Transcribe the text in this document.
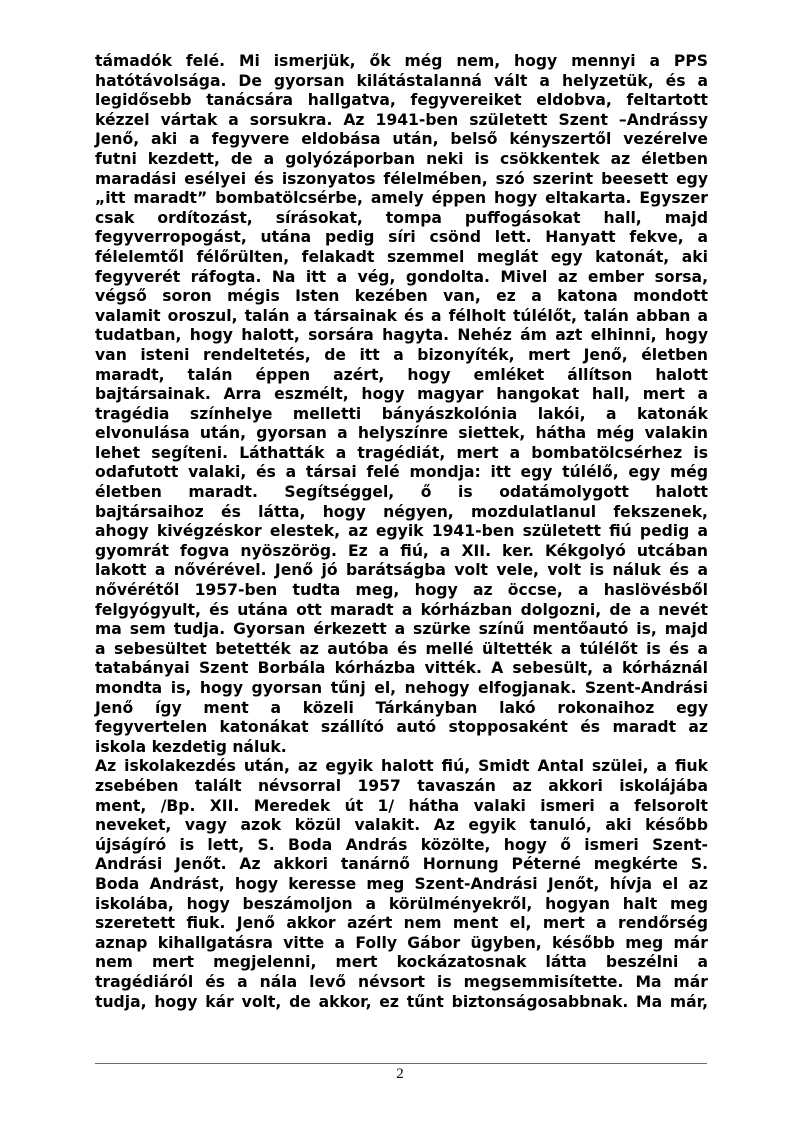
támadók felé. Mi ismerjük, ők még nem, hogy mennyi a PPS
hatótávolsága. De gyorsan kilátástalanná vált a helyzetük, és a
legidősebb tanácsára hallgatva, fegyvereiket eldobva, feltartott
kézzel vártak a sorsukra. Az 1941-ben született Szent –Andrássy
Jenő, aki a fegyvere eldobása után, belső kényszertől vezérelve
futni kezdett, de a golyózáporban neki is csökkentek az életben
maradási esélyei és iszonyatos félelmében, szó szerint beesett egy
„itt maradt” bombatölcsérbe, amely éppen hogy eltakarta. Egyszer
csak ordítozást, sírásokat, tompa puffogásokat hall, majd
fegyverropogást, utána pedig síri csönd lett. Hanyatt fekve, a
félelemtől félőrülten, felakadt szemmel meglát egy katonát, aki
fegyverét ráfogta. Na itt a vég, gondolta. Mivel az ember sorsa,
végső soron mégis Isten kezében van, ez a katona mondott
valamit oroszul, talán a társainak és a félholt túlélőt, talán abban a
tudatban, hogy halott, sorsára hagyta. Nehéz ám azt elhinni, hogy
van isteni rendeltetés, de itt a bizonyíték, mert Jenő, életben
maradt, talán éppen azért, hogy emléket állítson halott
bajtársainak. Arra eszmélt, hogy magyar hangokat hall, mert a
tragédia színhelye melletti bányászkolónia lakói, a katonák
elvonulása után, gyorsan a helyszínre siettek, hátha még valakin
lehet segíteni. Láthatták a tragédiát, mert a bombatölcsérhez is
odafutott valaki, és a társai felé mondja: itt egy túlélő, egy még
életben maradt. Segítséggel, ő is odatámolygott halott
bajtársaihoz és látta, hogy négyen, mozdulatlanul fekszenek,
ahogy kivégzéskor elestek, az egyik 1941-ben született fiú pedig a
gyomrát fogva nyöszörög. Ez a fiú, a XII. ker. Kékgolyó utcában
lakott a nővérével. Jenő jó barátságba volt vele, volt is náluk és a
nővérétől 1957-ben tudta meg, hogy az öccse, a haslövésből
felgyógyult, és utána ott maradt a kórházban dolgozni, de a nevét
ma sem tudja. Gyorsan érkezett a szürke színű mentőautó is, majd
a sebesültet betették az autóba és mellé ültették a túlélőt is és a
tatabányai Szent Borbála kórházba vitték. A sebesült, a kórháznál
mondta is, hogy gyorsan tűnj el, nehogy elfogjanak. Szent-Andrási
Jenő így ment a közeli Tárkányban lakó rokonaihoz egy
fegyvertelen katonákat szállító autó stopposaként és maradt az
iskola kezdetig náluk.
Az iskolakezdés után, az egyik halott fiú, Smidt Antal szülei, a fiuk
zsebében talált névsorral 1957 tavaszán az akkori iskolájába
ment, /Bp. XII. Meredek út 1/ hátha valaki ismeri a felsorolt
neveket, vagy azok közül valakit. Az egyik tanuló, aki később
újságíró is lett, S. Boda András közölte, hogy ő ismeri Szent-
Andrási Jenőt. Az akkori tanárnő Hornung Péterné megkérte S.
Boda Andrást, hogy keresse meg Szent-Andrási Jenőt, hívja el az
iskolába, hogy beszámoljon a körülményekről, hogyan halt meg
szeretett fiuk. Jenő akkor azért nem ment el, mert a rendőrség
aznap kihallgatásra vitte a Folly Gábor ügyben, később meg már
nem mert megjelenni, mert kockázatosnak látta beszélni a
tragédiáról és a nála levő névsort is megsemmisítette. Ma már
tudja, hogy kár volt, de akkor, ez tűnt biztonságosabbnak. Ma már,
2
